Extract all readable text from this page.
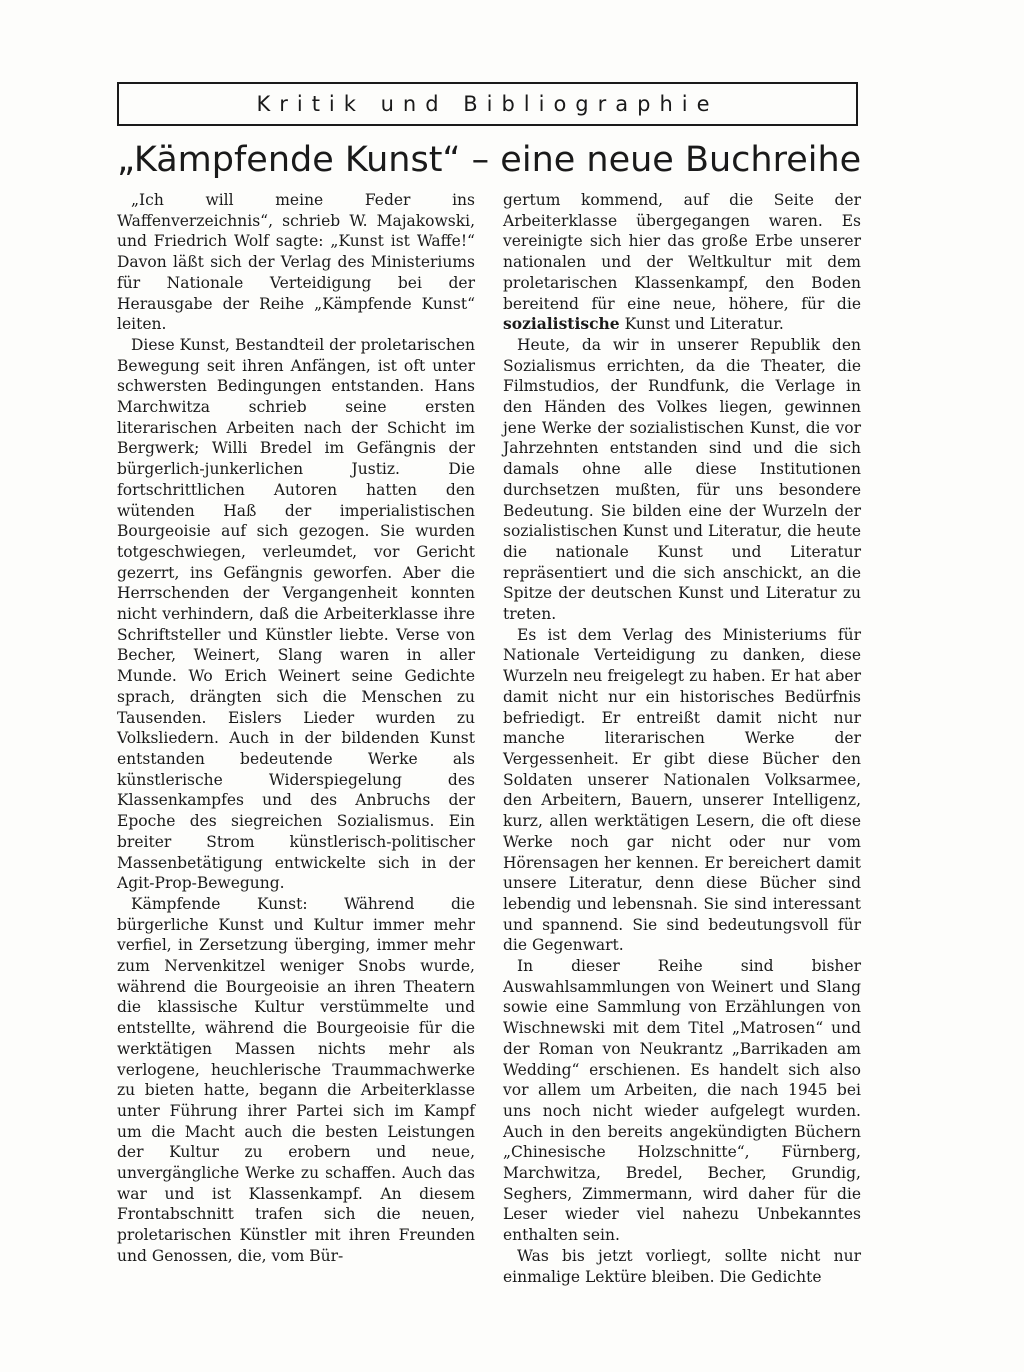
Kritik und Bibliographie
„Kämpfende Kunst“ – eine neue Buchreihe

„Ich will meine Feder ins Waffenverzeichnis“, schrieb W. Majakowski, und Friedrich Wolf sagte: „Kunst ist Waffe!“ Davon läßt sich der Verlag des Ministeriums für Nationale Verteidigung bei der Herausgabe der Reihe „Kämpfende Kunst“ leiten.

Diese Kunst, Bestandteil der proletarischen Bewegung seit ihren Anfängen, ist oft unter schwersten Bedingungen entstanden. Hans Marchwitza schrieb seine ersten literarischen Arbeiten nach der Schicht im Bergwerk; Willi Bredel im Gefängnis der bürgerlich-junkerlichen Justiz. Die fortschrittlichen Autoren hatten den wütenden Haß der imperialistischen Bourgeoisie auf sich gezogen. Sie wurden totgeschwiegen, verleumdet, vor Gericht gezerrt, ins Gefängnis geworfen. Aber die Herrschenden der Vergangenheit konnten nicht verhindern, daß die Arbeiterklasse ihre Schriftsteller und Künstler liebte. Verse von Becher, Weinert, Slang waren in aller Munde. Wo Erich Weinert seine Gedichte sprach, drängten sich die Menschen zu Tausenden. Eislers Lieder wurden zu Volksliedern. Auch in der bildenden Kunst entstanden bedeutende Werke als künstlerische Widerspiegelung des Klassenkampfes und des Anbruchs der Epoche des siegreichen Sozialismus. Ein breiter Strom künstlerisch-politischer Massenbetätigung entwickelte sich in der Agit-Prop-Bewegung.

Kämpfende Kunst: Während die bürgerliche Kunst und Kultur immer mehr verfiel, in Zersetzung überging, immer mehr zum Nervenkitzel weniger Snobs wurde, während die Bourgeoisie an ihren Theatern die klassische Kultur verstümmelte und entstellte, während die Bourgeoisie für die werktätigen Massen nichts mehr als verlogene, heuchlerische Traummachwerke zu bieten hatte, begann die Arbeiterklasse unter Führung ihrer Partei sich im Kampf um die Macht auch die besten Leistungen der Kultur zu erobern und neue, unvergängliche Werke zu schaffen. Auch das war und ist Klassenkampf. An diesem Frontabschnitt trafen sich die neuen, proletarischen Künstler mit ihren Freunden und Genossen, die, vom Bür-

gertum kommend, auf die Seite der Arbeiterklasse übergegangen waren. Es vereinigte sich hier das große Erbe unserer nationalen und der Weltkultur mit dem proletarischen Klassenkampf, den Boden bereitend für eine neue, höhere, für die sozialistische Kunst und Literatur.

Heute, da wir in unserer Republik den Sozialismus errichten, da die Theater, die Filmstudios, der Rundfunk, die Verlage in den Händen des Volkes liegen, gewinnen jene Werke der sozialistischen Kunst, die vor Jahrzehnten entstanden sind und die sich damals ohne alle diese Institutionen durchsetzen mußten, für uns besondere Bedeutung. Sie bilden eine der Wurzeln der sozialistischen Kunst und Literatur, die heute die nationale Kunst und Literatur repräsentiert und die sich anschickt, an die Spitze der deutschen Kunst und Literatur zu treten.

Es ist dem Verlag des Ministeriums für Nationale Verteidigung zu danken, diese Wurzeln neu freigelegt zu haben. Er hat aber damit nicht nur ein historisches Bedürfnis befriedigt. Er entreißt damit nicht nur manche literarischen Werke der Vergessenheit. Er gibt diese Bücher den Soldaten unserer Nationalen Volksarmee, den Arbeitern, Bauern, unserer Intelligenz, kurz, allen werktätigen Lesern, die oft diese Werke noch gar nicht oder nur vom Hörensagen her kennen. Er bereichert damit unsere Literatur, denn diese Bücher sind lebendig und lebensnah. Sie sind interessant und spannend. Sie sind bedeutungsvoll für die Gegenwart.

In dieser Reihe sind bisher Auswahlsammlungen von Weinert und Slang sowie eine Sammlung von Erzählungen von Wischnewski mit dem Titel „Matrosen“ und der Roman von Neukrantz „Barrikaden am Wedding“ erschienen. Es handelt sich also vor allem um Arbeiten, die nach 1945 bei uns noch nicht wieder aufgelegt wurden. Auch in den bereits angekündigten Büchern „Chinesische Holzschnitte“, Fürnberg, Marchwitza, Bredel, Becher, Grundig, Seghers, Zimmermann, wird daher für die Leser wieder viel nahezu Unbekanntes enthalten sein.

Was bis jetzt vorliegt, sollte nicht nur einmalige Lektüre bleiben. Die Gedichte
